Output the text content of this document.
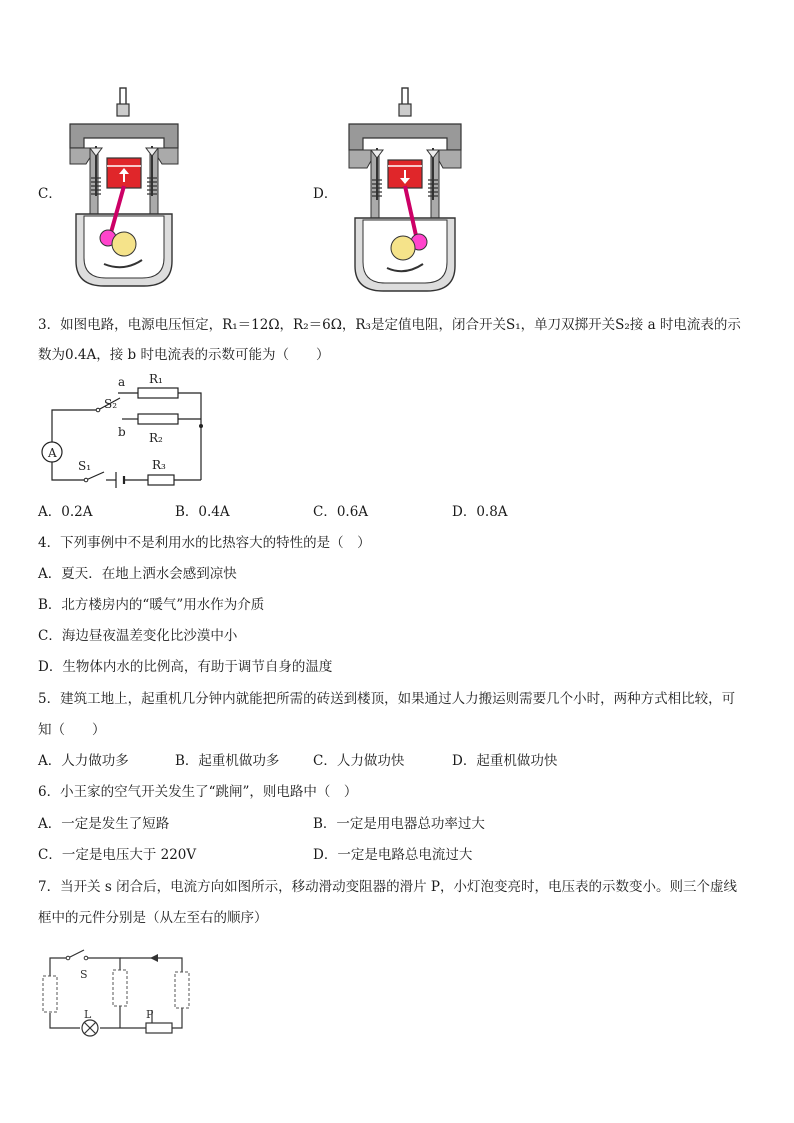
C．	D．
3．如图电路，电源电压恒定，R₁＝12Ω，R₂＝6Ω，R₃是定值电阻，闭合开关S₁，单刀双掷开关S₂接 a 时电流表的示
数为0.4A，接 b 时电流表的示数可能为（　　）
A
R₁
R₂
R₃
a
b
S₂
S₁
A．0.2A	B．0.4A	C．0.6A	D．0.8A
4．下列事例中不是利用水的比热容大的特性的是（　）
A．夏天．在地上洒水会感到凉快
B．北方楼房内的“暖气”用水作为介质
C．海边昼夜温差变化比沙漠中小
D．生物体内水的比例高，有助于调节自身的温度
5．建筑工地上，起重机几分钟内就能把所需的砖送到楼顶，如果通过人力搬运则需要几个小时，两种方式相比较，可
知（　　）
A．人力做功多	B．起重机做功多 C．人力做功快	D．起重机做功快
6．小王家的空气开关发生了“跳闸”，则电路中（　）
A．一定是发生了短路	B．一定是用电器总功率过大
C．一定是电压大于 220V	D．一定是电路总电流过大
7．当开关 s 闭合后，电流方向如图所示，移动滑动变阻器的滑片 P，小灯泡变亮时，电压表的示数变小。则三个虚线
框中的元件分别是（从左至右的顺序）
S
L	P
